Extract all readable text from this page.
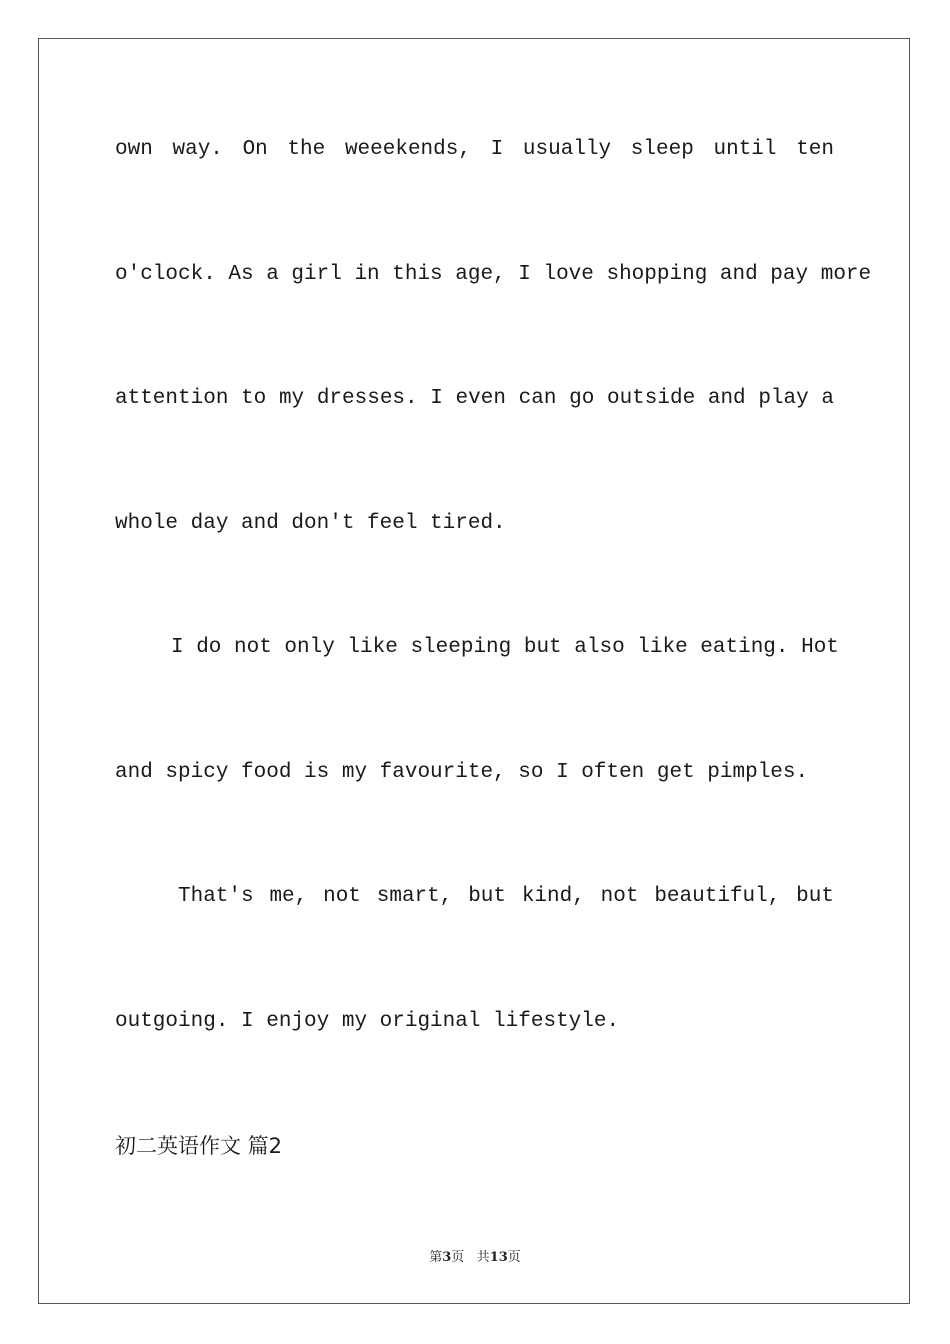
own way. On the weeekends, I usually sleep until ten
o'clock. As a girl in this age, I love shopping and pay more
attention to my dresses. I even can go outside and play a
whole day and don't feel tired.
I do not only like sleeping but also like eating. Hot
and spicy food is my favourite, so I often get pimples.
That's me, not smart, but kind, not beautiful, but
outgoing. I enjoy my original lifestyle.
初二英语作文 篇2
第3页 共13页
